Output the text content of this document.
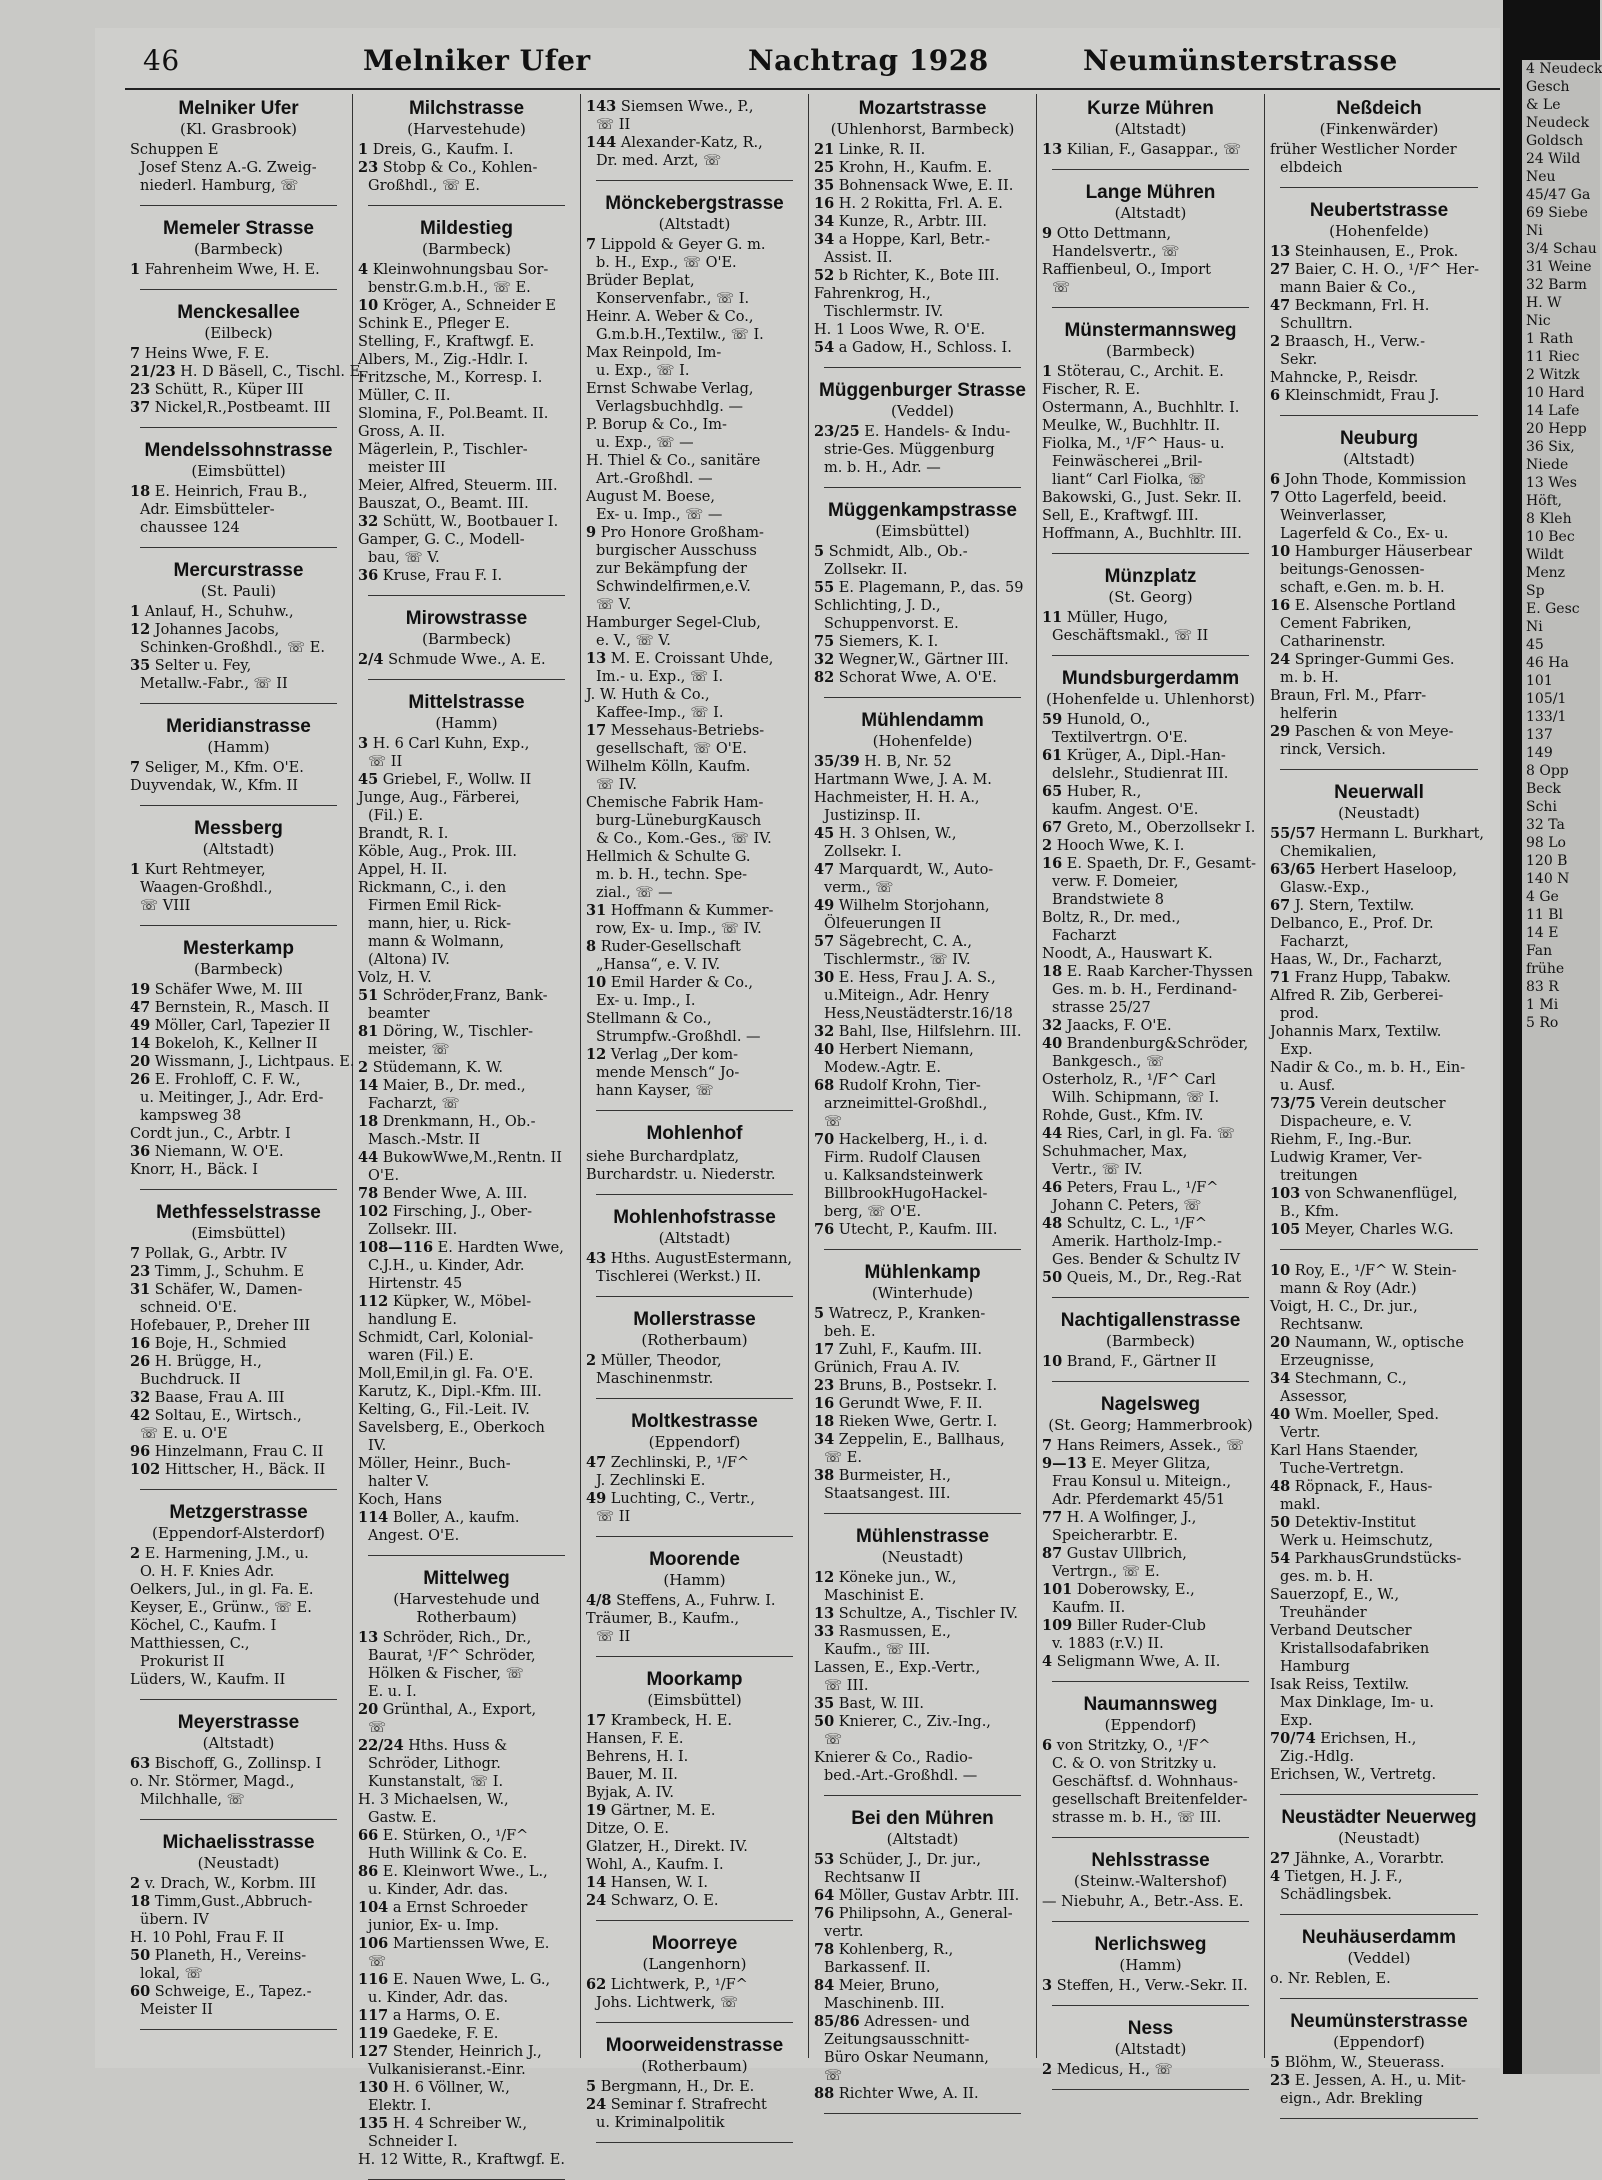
46	Melniker Ufer	Nachtrag 1928	Neumünsterstrasse
Melniker Ufer
(Kl. Grasbrook)
Schuppen E
Josef Stenz A.-G. Zweig-
niederl. Hamburg, ☏
Memeler Strasse
(Barmbeck)
1 Fahrenheim Wwe, H. E.
Menckesallee
(Eilbeck)
7 Heins Wwe, F. E.
21/23 H. D Bäsell, C., Tischl. E.
23 Schütt, R., Küper III
37 Nickel,R.,Postbeamt. III
Mendelssohnstrasse
(Eimsbüttel)
18 E. Heinrich, Frau B.,
Adr. Eimsbütteler-
chaussee 124
Mercurstrasse
(St. Pauli)
1 Anlauf, H., Schuhw.,
12 Johannes Jacobs,
Schinken-Großhdl., ☏ E.
35 Selter u. Fey,
Metallw.-Fabr., ☏ II
Meridianstrasse
(Hamm)
7 Seliger, M., Kfm. O'E.
Duyvendak, W., Kfm. II
Messberg
(Altstadt)
1 Kurt Rehtmeyer,
Waagen-Großhdl.,
☏ VIII
Mesterkamp
(Barmbeck)
19 Schäfer Wwe, M. III
47 Bernstein, R., Masch. II
49 Möller, Carl, Tapezier II
14 Bokeloh, K., Kellner II
20 Wissmann, J., Lichtpaus. E.
26 E. Frohloff, C. F. W.,
u. Meitinger, J., Adr. Erd-
kampsweg 38
Cordt jun., C., Arbtr. I
36 Niemann, W. O'E.
Knorr, H., Bäck. I
Methfesselstrasse
(Eimsbüttel)
7 Pollak, G., Arbtr. IV
23 Timm, J., Schuhm. E
31 Schäfer, W., Damen-
schneid. O'E.
Hofebauer, P., Dreher III
16 Boje, H., Schmied
26 H. Brügge, H.,
Buchdruck. II
32 Baase, Frau A. III
42 Soltau, E., Wirtsch.,
☏ E. u. O'E
96 Hinzelmann, Frau C. II
102 Hittscher, H., Bäck. II
Metzgerstrasse
(Eppendorf-Alsterdorf)
2 E. Harmening, J.M., u.
O. H. F. Knies Adr.
Oelkers, Jul., in gl. Fa. E.
Keyser, E., Grünw., ☏ E.
Köchel, C., Kaufm. I
Matthiessen, C.,
Prokurist II
Lüders, W., Kaufm. II
Meyerstrasse
(Altstadt)
63 Bischoff, G., Zollinsp. I
o. Nr. Störmer, Magd.,
Milchhalle, ☏
Michaelisstrasse
(Neustadt)
2 v. Drach, W., Korbm. III
18 Timm,Gust.,Abbruch-
übern. IV
H. 10 Pohl, Frau F. II
50 Planeth, H., Vereins-
lokal, ☏
60 Schweige, E., Tapez.-
Meister II
Milchstrasse
(Harvestehude)
1 Dreis, G., Kaufm. I.
23 Stobp & Co., Kohlen-
Großhdl., ☏ E.
Mildestieg
(Barmbeck)
4 Kleinwohnungsbau Sor-
benstr.G.m.b.H., ☏ E.
10 Kröger, A., Schneider E
Schink E., Pfleger E.
Stelling, F., Kraftwgf. E.
Albers, M., Zig.-Hdlr. I.
Fritzsche, M., Korresp. I.
Müller, C. II.
Slomina, F., Pol.Beamt. II.
Gross, A. II.
Mägerlein, P., Tischler-
meister III
Meier, Alfred, Steuerm. III.
Bauszat, O., Beamt. III.
32 Schütt, W., Bootbauer I.
Gamper, G. C., Modell-
bau, ☏ V.
36 Kruse, Frau F. I.
Mirowstrasse
(Barmbeck)
2/4 Schmude Wwe., A. E.
Mittelstrasse
(Hamm)
3 H. 6 Carl Kuhn, Exp.,
☏ II
45 Griebel, F., Wollw. II
Junge, Aug., Färberei,
(Fil.) E.
Brandt, R. I.
Köble, Aug., Prok. III.
Appel, H. II.
Rickmann, C., i. den
Firmen Emil Rick-
mann, hier, u. Rick-
mann & Wolmann,
(Altona) IV.
Volz, H. V.
51 Schröder,Franz, Bank-
beamter
81 Döring, W., Tischler-
meister, ☏
2 Stüdemann, K. W.
14 Maier, B., Dr. med.,
Facharzt, ☏
18 Drenkmann, H., Ob.-
Masch.-Mstr. II
44 BukowWwe,M.,Rentn. II
O'E.
78 Bender Wwe, A. III.
102 Firsching, J., Ober-
Zollsekr. III.
108—116 E. Hardten Wwe,
C.J.H., u. Kinder, Adr.
Hirtenstr. 45
112 Küpker, W., Möbel-
handlung E.
Schmidt, Carl, Kolonial-
waren (Fil.) E.
Moll,Emil,in gl. Fa. O'E.
Karutz, K., Dipl.-Kfm. III.
Kelting, G., Fil.-Leit. IV.
Savelsberg, E., Oberkoch
IV.
Möller, Heinr., Buch-
halter V.
Koch, Hans
114 Boller, A., kaufm.
Angest. O'E.
Mittelweg
(Harvestehude und Rotherbaum)
13 Schröder, Rich., Dr.,
Baurat, ¹/F^ Schröder,
Hölken & Fischer, ☏
E. u. I.
20 Grünthal, A., Export,
☏
22/24 Hths. Huss &
Schröder, Lithogr.
Kunstanstalt, ☏ I.
H. 3 Michaelsen, W.,
Gastw. E.
66 E. Stürken, O., ¹/F^
Huth Willink & Co. E.
86 E. Kleinwort Wwe., L.,
u. Kinder, Adr. das.
104 a Ernst Schroeder
junior, Ex- u. Imp.
106 Martienssen Wwe, E.
☏
116 E. Nauen Wwe, L. G.,
u. Kinder, Adr. das.
117 a Harms, O. E.
119 Gaedeke, F. E.
127 Stender, Heinrich J.,
Vulkanisieranst.-Einr.
130 H. 6 Völlner, W.,
Elektr. I.
135 H. 4 Schreiber W.,
Schneider I.
H. 12 Witte, R., Kraftwgf. E.
143 Siemsen Wwe., P.,
☏ II
144 Alexander-Katz, R.,
Dr. med. Arzt, ☏
Mönckebergstrasse
(Altstadt)
7 Lippold & Geyer G. m.
b. H., Exp., ☏ O'E.
Brüder Beplat,
Konservenfabr., ☏ I.
Heinr. A. Weber & Co.,
G.m.b.H.,Textilw., ☏ I.
Max Reinpold, Im-
u. Exp., ☏ I.
Ernst Schwabe Verlag,
Verlagsbuchhdlg. —
P. Borup & Co., Im-
u. Exp., ☏ —
H. Thiel & Co., sanitäre
Art.-Großhdl. —
August M. Boese,
Ex- u. Imp., ☏ —
9 Pro Honore Großham-
burgischer Ausschuss
zur Bekämpfung der
Schwindelfirmen,e.V.
☏ V.
Hamburger Segel-Club,
e. V., ☏ V.
13 M. E. Croissant Uhde,
Im.- u. Exp., ☏ I.
J. W. Huth & Co.,
Kaffee-Imp., ☏ I.
17 Messehaus-Betriebs-
gesellschaft, ☏ O'E.
Wilhelm Kölln, Kaufm.
☏ IV.
Chemische Fabrik Ham-
burg-LüneburgKausch
& Co., Kom.-Ges., ☏ IV.
Hellmich & Schulte G.
m. b. H., techn. Spe-
zial., ☏ —
31 Hoffmann & Kummer-
row, Ex- u. Imp., ☏ IV.
8 Ruder-Gesellschaft
„Hansa“, e. V. IV.
10 Emil Harder & Co.,
Ex- u. Imp., I.
Stellmann & Co.,
Strumpfw.-Großhdl. —
12 Verlag „Der kom-
mende Mensch“ Jo-
hann Kayser, ☏
Mohlenhof
siehe Burchardplatz,
Burchardstr. u. Niederstr.
Mohlenhofstrasse
(Altstadt)
43 Hths. AugustEstermann,
Tischlerei (Werkst.) II.
Mollerstrasse
(Rotherbaum)
2 Müller, Theodor,
Maschinenmstr.
Moltkestrasse
(Eppendorf)
47 Zechlinski, P., ¹/F^
J. Zechlinski E.
49 Luchting, C., Vertr.,
☏ II
Moorende
(Hamm)
4/8 Steffens, A., Fuhrw. I.
Träumer, B., Kaufm.,
☏ II
Moorkamp
(Eimsbüttel)
17 Krambeck, H. E.
Hansen, F. E.
Behrens, H. I.
Bauer, M. II.
Byjak, A. IV.
19 Gärtner, M. E.
Ditze, O. E.
Glatzer, H., Direkt. IV.
Wohl, A., Kaufm. I.
14 Hansen, W. I.
24 Schwarz, O. E.
Moorreye
(Langenhorn)
62 Lichtwerk, P., ¹/F^
Johs. Lichtwerk, ☏
Moorweidenstrasse
(Rotherbaum)
5 Bergmann, H., Dr. E.
24 Seminar f. Strafrecht
u. Kriminalpolitik
Mozartstrasse
(Uhlenhorst, Barmbeck)
21 Linke, R. II.
25 Krohn, H., Kaufm. E.
35 Bohnensack Wwe, E. II.
16 H. 2 Rokitta, Frl. A. E.
34 Kunze, R., Arbtr. III.
34 a Hoppe, Karl, Betr.-
Assist. II.
52 b Richter, K., Bote III.
Fahrenkrog, H.,
Tischlermstr. IV.
H. 1 Loos Wwe, R. O'E.
54 a Gadow, H., Schloss. I.
Müggenburger Strasse
(Veddel)
23/25 E. Handels- & Indu-
strie-Ges. Müggenburg
m. b. H., Adr. —
Müggenkampstrasse
(Eimsbüttel)
5 Schmidt, Alb., Ob.-
Zollsekr. II.
55 E. Plagemann, P., das. 59
Schlichting, J. D.,
Schuppenvorst. E.
75 Siemers, K. I.
32 Wegner,W., Gärtner III.
82 Schorat Wwe, A. O'E.
Mühlendamm
(Hohenfelde)
35/39 H. B, Nr. 52
Hartmann Wwe, J. A. M.
Hachmeister, H. H. A.,
Justizinsp. II.
45 H. 3 Ohlsen, W.,
Zollsekr. I.
47 Marquardt, W., Auto-
verm., ☏
49 Wilhelm Storjohann,
Ölfeuerungen II
57 Sägebrecht, C. A.,
Tischlermstr., ☏ IV.
30 E. Hess, Frau J. A. S.,
u.Miteign., Adr. Henry
Hess,Neustädterstr.16/18
32 Bahl, Ilse, Hilfslehrn. III.
40 Herbert Niemann,
Modew.-Agtr. E.
68 Rudolf Krohn, Tier-
arzneimittel-Großhdl.,
☏
70 Hackelberg, H., i. d.
Firm. Rudolf Clausen
u. Kalksandsteinwerk
BillbrookHugoHackel-
berg, ☏ O'E.
76 Utecht, P., Kaufm. III.
Mühlenkamp
(Winterhude)
5 Watrecz, P., Kranken-
beh. E.
17 Zuhl, F., Kaufm. III.
Grünich, Frau A. IV.
23 Bruns, B., Postsekr. I.
16 Gerundt Wwe, F. II.
18 Rieken Wwe, Gertr. I.
34 Zeppelin, E., Ballhaus,
☏ E.
38 Burmeister, H.,
Staatsangest. III.
Mühlenstrasse
(Neustadt)
12 Köneke jun., W.,
Maschinist E.
13 Schultze, A., Tischler IV.
33 Rasmussen, E.,
Kaufm., ☏ III.
Lassen, E., Exp.-Vertr.,
☏ III.
35 Bast, W. III.
50 Knierer, C., Ziv.-Ing.,
☏
Knierer & Co., Radio-
bed.-Art.-Großhdl. —
Bei den Mühren
(Altstadt)
53 Schüder, J., Dr. jur.,
Rechtsanw II
64 Möller, Gustav Arbtr. III.
76 Philipsohn, A., General-
vertr.
78 Kohlenberg, R.,
Barkassenf. II.
84 Meier, Bruno,
Maschinenb. III.
85/86 Adressen- und
Zeitungsausschnitt-
Büro Oskar Neumann,
☏
88 Richter Wwe, A. II.
Kurze Mühren
(Altstadt)
13 Kilian, F., Gasappar., ☏
Lange Mühren
(Altstadt)
9 Otto Dettmann,
Handelsvertr., ☏
Raffienbeul, O., Import
☏
Münstermannsweg
(Barmbeck)
1 Stöterau, C., Archit. E.
Fischer, R. E.
Ostermann, A., Buchhltr. I.
Meulke, W., Buchhltr. II.
Fiolka, M., ¹/F^ Haus- u.
Feinwäscherei „Bril-
liant“ Carl Fiolka, ☏
Bakowski, G., Just. Sekr. II.
Sell, E., Kraftwgf. III.
Hoffmann, A., Buchhltr. III.
Münzplatz
(St. Georg)
11 Müller, Hugo,
Geschäftsmakl., ☏ II
Mundsburgerdamm
(Hohenfelde u. Uhlenhorst)
59 Hunold, O.,
Textilvertrgn. O'E.
61 Krüger, A., Dipl.-Han-
delslehr., Studienrat III.
65 Huber, R.,
kaufm. Angest. O'E.
67 Greto, M., Oberzollsekr I.
2 Hooch Wwe, K. I.
16 E. Spaeth, Dr. F., Gesamt-
verw. F. Domeier,
Brandstwiete 8
Boltz, R., Dr. med.,
Facharzt
Noodt, A., Hauswart K.
18 E. Raab Karcher-Thyssen
Ges. m. b. H., Ferdinand-
strasse 25/27
32 Jaacks, F. O'E.
40 Brandenburg&Schröder,
Bankgesch., ☏
Osterholz, R., ¹/F^ Carl
Wilh. Schipmann, ☏ I.
Rohde, Gust., Kfm. IV.
44 Ries, Carl, in gl. Fa. ☏
Schuhmacher, Max,
Vertr., ☏ IV.
46 Peters, Frau L., ¹/F^
Johann C. Peters, ☏
48 Schultz, C. L., ¹/F^
Amerik. Hartholz-Imp.-
Ges. Bender & Schultz IV
50 Queis, M., Dr., Reg.-Rat
Nachtigallenstrasse
(Barmbeck)
10 Brand, F., Gärtner II
Nagelsweg
(St. Georg; Hammerbrook)
7 Hans Reimers, Assek., ☏
9—13 E. Meyer Glitza,
Frau Konsul u. Miteign.,
Adr. Pferdemarkt 45/51
77 H. A Wolfinger, J.,
Speicherarbtr. E.
87 Gustav Ullbrich,
Vertrgn., ☏ E.
101 Doberowsky, E.,
Kaufm. II.
109 Biller Ruder-Club
v. 1883 (r.V.) II.
4 Seligmann Wwe, A. II.
Naumannsweg
(Eppendorf)
6 von Stritzky, O., ¹/F^
C. & O. von Stritzky u.
Geschäftsf. d. Wohnhaus-
gesellschaft Breitenfelder-
strasse m. b. H., ☏ III.
Nehlsstrasse
(Steinw.-Waltershof)
— Niebuhr, A., Betr.-Ass. E.
Nerlichsweg
(Hamm)
3 Steffen, H., Verw.-Sekr. II.
Ness
(Altstadt)
2 Medicus, H., ☏
Neßdeich
(Finkenwärder)
früher Westlicher Norder
elbdeich
Neubertstrasse
(Hohenfelde)
13 Steinhausen, E., Prok.
27 Baier, C. H. O., ¹/F^ Her-
mann Baier & Co.,
47 Beckmann, Frl. H.
Schulltrn.
2 Braasch, H., Verw.-
Sekr.
Mahncke, P., Reisdr.
6 Kleinschmidt, Frau J.
Neuburg
(Altstadt)
6 John Thode, Kommission
7 Otto Lagerfeld, beeid.
Weinverlasser,
Lagerfeld & Co., Ex- u.
10 Hamburger Häuserbear
beitungs-Genossen-
schaft, e.Gen. m. b. H.
16 E. Alsensche Portland
Cement Fabriken,
Catharinenstr.
24 Springer-Gummi Ges.
m. b. H.
Braun, Frl. M., Pfarr-
helferin
29 Paschen & von Meye-
rinck, Versich.
Neuerwall
(Neustadt)
55/57 Hermann L. Burkhart,
Chemikalien,
63/65 Herbert Haseloop,
Glasw.-Exp.,
67 J. Stern, Textilw.
Delbanco, E., Prof. Dr.
Facharzt,
Haas, W., Dr., Facharzt,
71 Franz Hupp, Tabakw.
Alfred R. Zib, Gerberei-
prod.
Johannis Marx, Textilw.
Exp.
Nadir & Co., m. b. H., Ein-
u. Ausf.
73/75 Verein deutscher
Dispacheure, e. V.
Riehm, F., Ing.-Bur.
Ludwig Kramer, Ver-
treitungen
103 von Schwanenflügel,
B., Kfm.
105 Meyer, Charles W.G.
10 Roy, E., ¹/F^ W. Stein-
mann & Roy (Adr.)
Voigt, H. C., Dr. jur.,
Rechtsanw.
20 Naumann, W., optische
Erzeugnisse,
34 Stechmann, C.,
Assessor,
40 Wm. Moeller, Sped.
Vertr.
Karl Hans Staender,
Tuche-Vertretgn.
48 Röpnack, F., Haus-
makl.
50 Detektiv-Institut
Werk u. Heimschutz,
54 ParkhausGrundstücks-
ges. m. b. H.
Sauerzopf, E., W.,
Treuhänder
Verband Deutscher
Kristallsodafabriken
Hamburg
Isak Reiss, Textilw.
Max Dinklage, Im- u.
Exp.
70/74 Erichsen, H.,
Zig.-Hdlg.
Erichsen, W., Vertretg.
Neustädter Neuerweg
(Neustadt)
27 Jähnke, A., Vorarbtr.
4 Tietgen, H. J. F.,
Schädlingsbek.
Neuhäuserdamm
(Veddel)
o. Nr. Reblen, E.
Neumünsterstrasse
(Eppendorf)
5 Blöhm, W., Steuerass.
23 E. Jessen, A. H., u. Mit-
eign., Adr. Brekling
4 Neudeck
Gesch
& Le
Neudeck
Goldsch
24 Wild
Neu
45/47 Ga
69 Siebe
Ni
3/4 Schau
31 Weine
32 Barm
H. W
Nic
1 Rath
11 Riec
2 Witzk
10 Hard
14 Lafe
20 Hepp
36 Six,
Niede
13 Wes
Höft,
8 Kleh
10 Bec
Wildt
Menz
Sp
E. Gesc
Ni
45
46 Ha
101
105/1
133/1
137
149
8 Opp
Beck
Schi
32 Ta
98 Lo
120 B
140 N
4 Ge
11 Bl
14 E
Fan
frühe
83 R
1 Mi
5 Ro
